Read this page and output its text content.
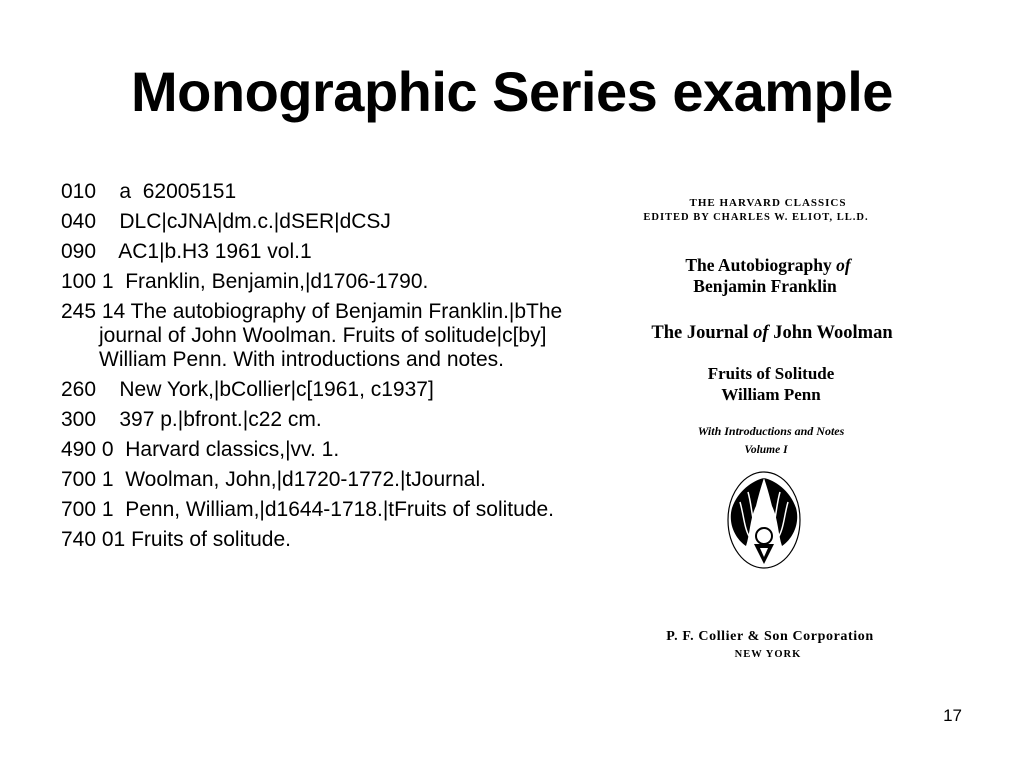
Monographic Series example
010    a  62005151
040    DLC|cJNA|dm.c.|dSER|dCSJ
090    AC1|b.H3 1961 vol.1
100 1  Franklin, Benjamin,|d1706-1790.
245 14 The autobiography of Benjamin Franklin.|bThe journal of John Woolman. Fruits of solitude|c[by] William Penn. With introductions and notes.
260    New York,|bCollier|c[1961, c1937]
300    397 p.|bfront.|c22 cm.
490 0  Harvard classics,|vv. 1.
700 1  Woolman, John,|d1720-1772.|tJournal.
700 1  Penn, William,|d1644-1718.|tFruits of solitude.
740 01 Fruits of solitude.
THE HARVARD CLASSICS
EDITED BY CHARLES W. ELIOT, LL.D.
The Autobiography of
Benjamin Franklin
The Journal of John Woolman
Fruits of Solitude
William Penn
With Introductions and Notes
Volume I
P. F. Collier & Son Corporation
NEW YORK
17
